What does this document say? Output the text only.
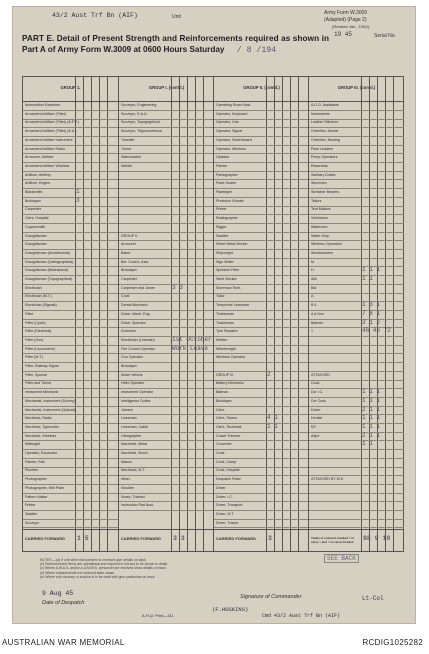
43/2 Aust Trf Bn (AIF)	Unit
Army Form W.3009
(Adapted) (Page 2)
(Revised Jan., 1943)
19 45	Serial No.
PART E. Detail of Present Strength and Reinforcements required as shown in
Part A of Army Form W.3009 at 0600 Hours Saturday / 8 /194
GROUP 1.
Ammunition Examiner
Armament Artificer (Fitter)
Armament Artificer (Fitter) (A.F.V.)
Armament Artificer (Fitter) (A.A.)
Armament Artificer Instrument
Armament Artificer Radio
Armourer, Artificer
Armament Artificer Wireless
Artificer, Artillery
Artificer, Engine
Blacksmith	1
Bricklayer	3
Carpenter
Clerk, Hospital
Coppersmith
Draughtsman
Draughtsman
Draughtsman (Architectural)
Draughtsman (Cartographical)
Draughtsman (Mechanical)
Draughtsman (Topographical)
Electrician
Electrician (M.T.)
Electrician (Signals)
Fitter
Fitter (Cycle)
Fitter (Electrical)
Fitter (Gun)
Fitter (Locomotive)
Fitter (M.T.)
Fitter, Railway Signal
Fitter, Special
Fitter and Turner
Instrument Mechanic
Mechanist, Instrument (Survey)
Mechanist, Instrument (Optical)
Mechanic, Radio
Mechanic, Typewriter
Mechanic, Wireless
Millwright
Operator, Excavator
Painter, Rail
Plumber
Photographer
Photographer, Wet Plate
Pattern Maker
Printer
Saddler
Surveyor
CARRIED FORWARD 1 5
GROUP I. (contd.)
Surveyor, Engineering
Surveyor, R.A.A.
Surveyor, Topographical
Surveyor, Trigonometrical
Tinsmith
Turner
Watchmaker
Welder
GROUP II.
Armourer
Baker
Bet. Cook's, Asst.
Bricklayer
Carpenter
Carpenter and Joiner	3 3
Cook
Dental Mechanic
Driver, Mech. Eng.
Driver Operator
Drummer
Electrician (Lineman)	1st October
Fire Control Operator	Work Leave
Gun Operator
Bricklayer
Motor Vehicle
Hello Operator
Instrument Operator
Intelligence Duties
Joiners
Linesman
Linesman, Cable
Lithographer
Machinist, Metal
Machinist, Wood
Mason
Mechanic, M.T.
Miner
Moulder
Nurse, Trained
Instruction Pad Asst.
CARRIED FORWARD 3 3
GROUP II. (contd.)
Operating Room Asst.
Operator, Keyboard
Operator, Line
Operator, Signal
Operator, Switchboard
Operator, Wireless
Optician
Painter
Pantographer
Plant Gearer
Platelayer
Precision Grinder
Printer
Radiographer
Rigger
Saddler
Sheet Metal Worker
Shipwright
Sign Writer
Sprinkler Fitter
Steel Worker
Storeman Tech.
Tailor
Telephone Linesman
Timberman
Tradesman
Tyre Repairer
Welder
Wheelwright
Wireless Operator
GROUP III.	2
Battery Mechanic
Batman
Bricklayer
Clerk
Clerk, Stores	4 1
Clerk, Technical	1 1
Coach Trimmer
Concreter
Cook
Cook, Camp
Cook, Hospital
Despatch Rider
Driver
Driver, I.C.
Driver, Transport
Driver, M.T.
Driver, Tractor
CARRIED FORWARD 3
GROUP III. (contd.)
A.G.D. Assistants
Instruments
Leather Stitchers
Orderlies, Dental
Orderlies, Nursing
Pack Leaders
Pump Operators
Reservists
Sanitary Duties
Storemen
Stretcher Bearers
Tailors
Tent Makers
Ventilators
Watermen
Water Duty
Wireless Operators
Woodworkers
M
H	1 1 1
Alle	1 1
Bat
A
B 6	1 3 1
A A Non	7 6 1
Batmen	3 1 2
1	46 46 72
ATTACHED
Cook
Dvr I.C.	1 1 1
Dvr Cook	1 1 1
Driver	2 1 1
Dentist	1 1 1
MT	1 1 1
Adjut	2 1 1
1 1
ATTACHED BY W.E.
Totals of columns marked ^ to carry ^ and ^ to carry forward	98 9 10
SEE BACK
NOTES.—(a) If unit other than present is received give details on back.
(b) Reinforcement items are operational and required in full and to be shown in detail.
(c) Where A.W.A.S. and/or A.A.M.W.S. personnel are received show details on back.
(d) Where replacements not received state cause.
(e) Where any vacancy or surplus is to be dealt with give particulars on back.
9 Aug 45
Date of Despatch
Signature of Commander	Lt-Col
(F.HOSKINS)
Cmd 43/2 Aust Trf Bn (AIF)
A.H.Q. Print—411
AUSTRALIAN WAR MEMORIAL	RCDIG1025282
